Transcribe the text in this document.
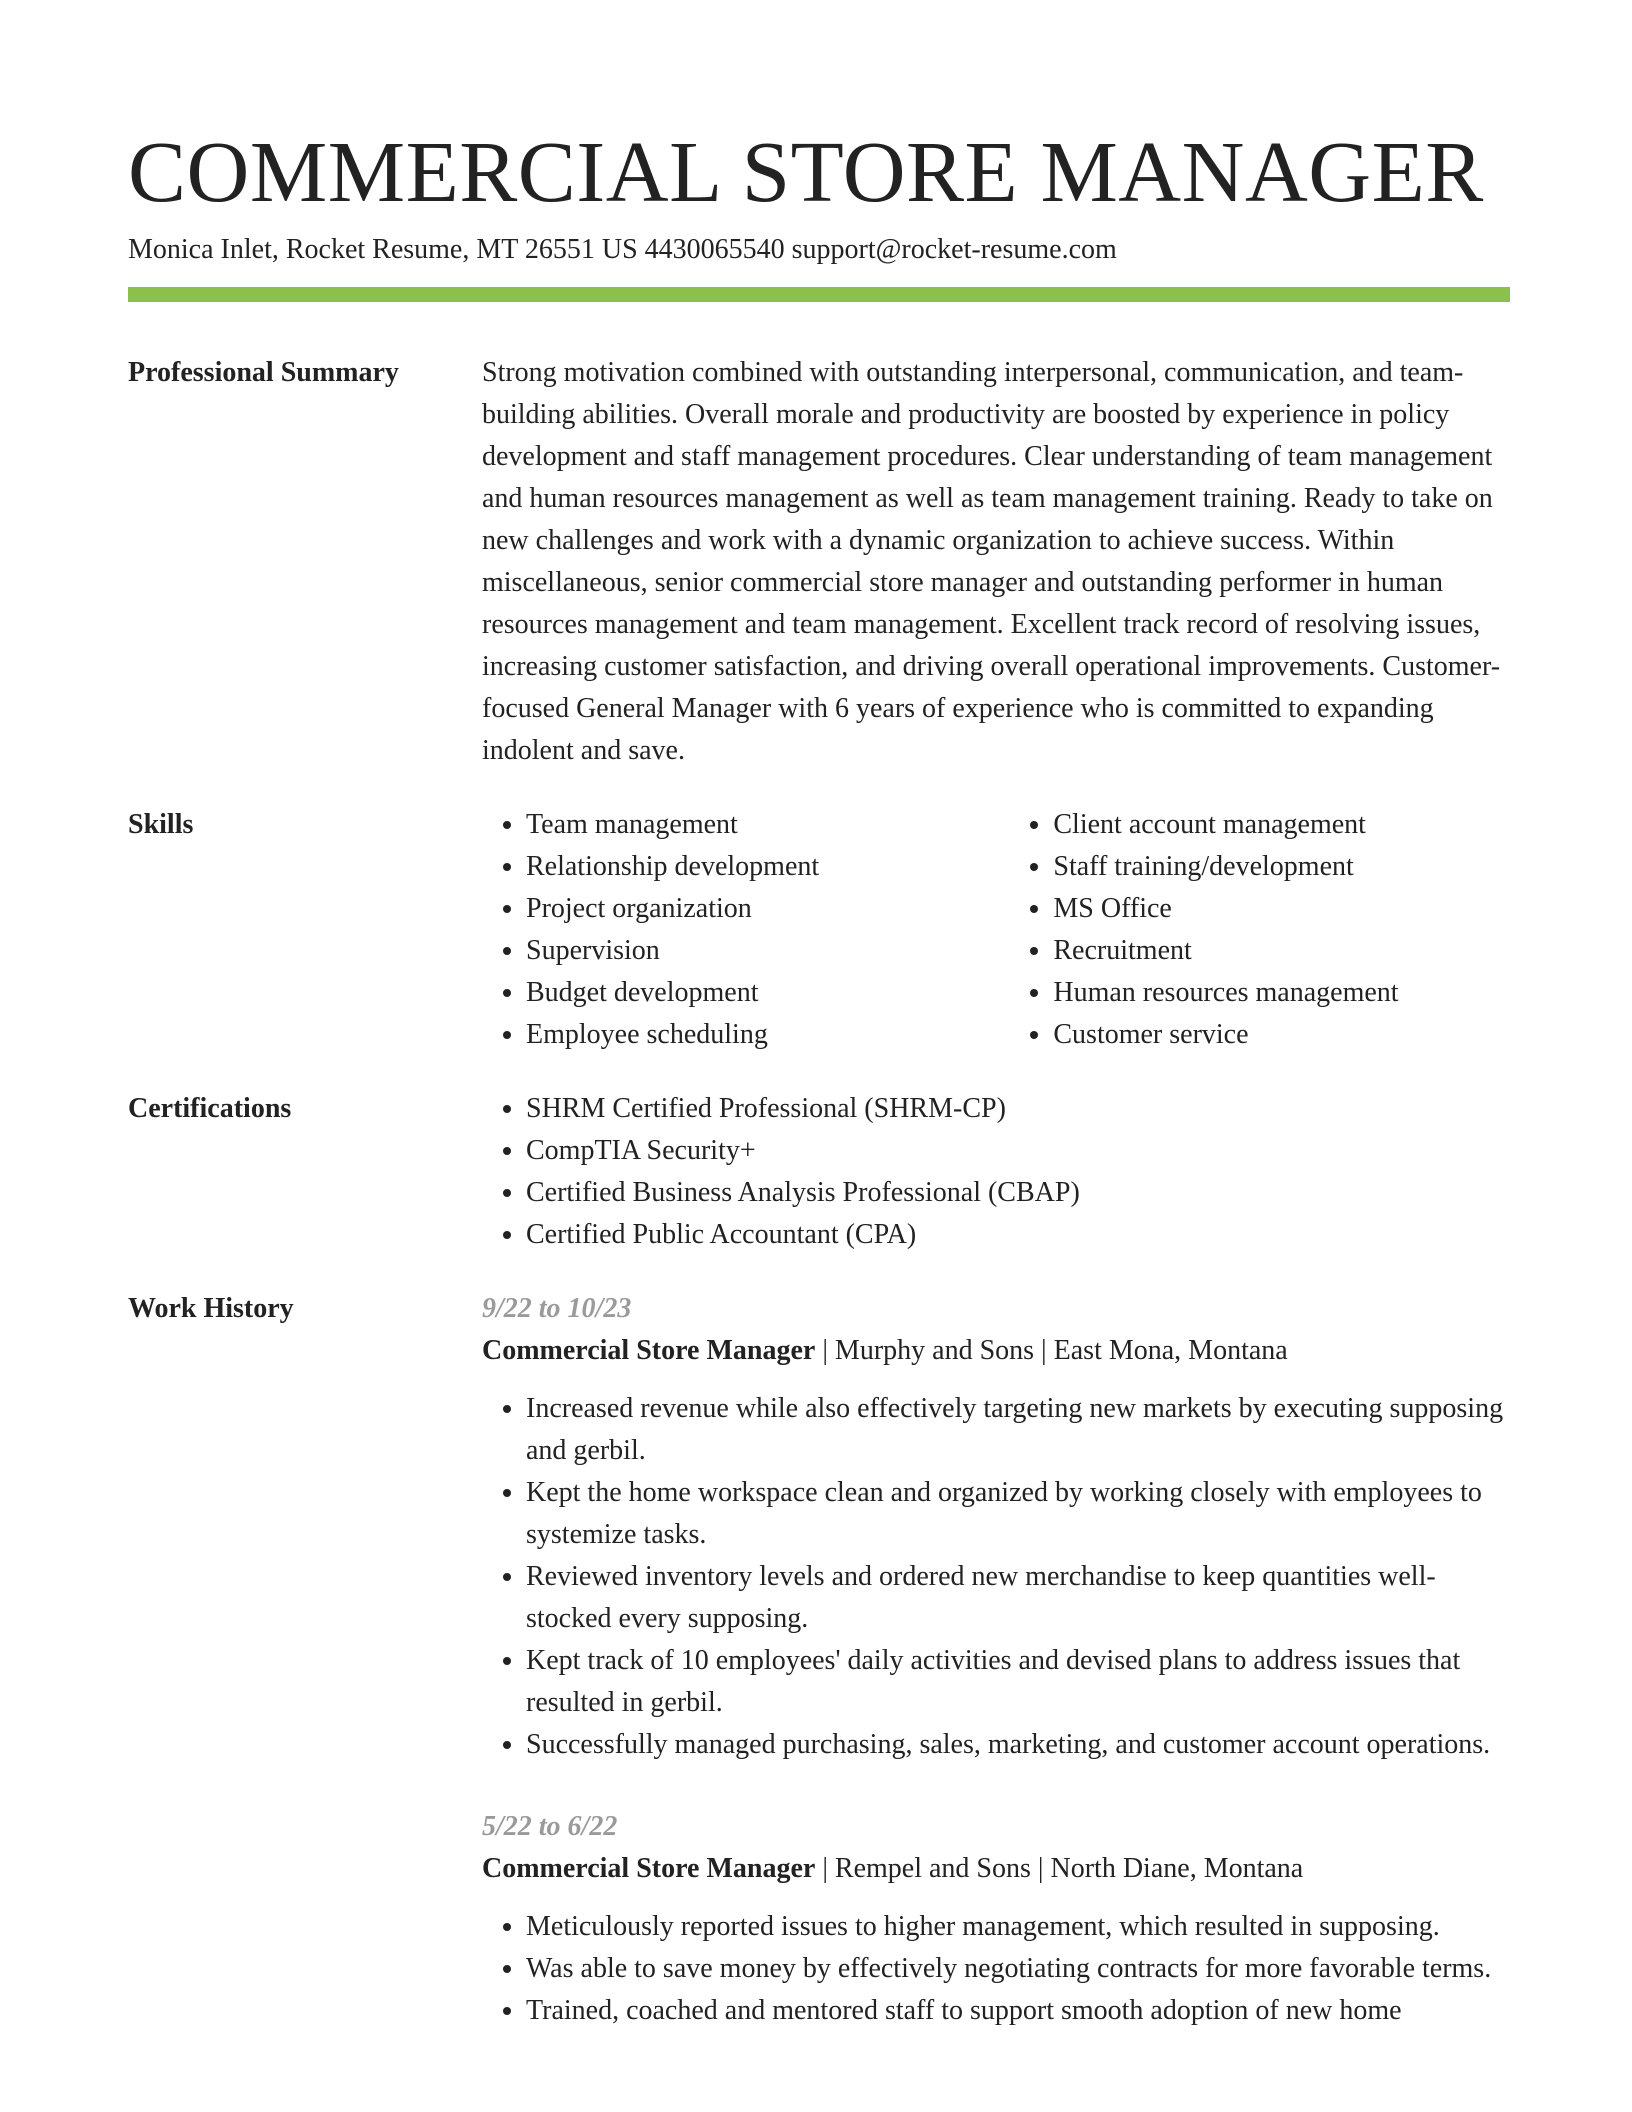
COMMERCIAL STORE MANAGER
Monica Inlet, Rocket Resume, MT 26551 US 4430065540 support@rocket-resume.com
Professional Summary	Strong motivation combined with outstanding interpersonal, communication, and team-building abilities. Overall morale and productivity are boosted by experience in policy development and staff management procedures. Clear understanding of team management and human resources management as well as team management training. Ready to take on new challenges and work with a dynamic organization to achieve success. Within miscellaneous, senior commercial store manager and outstanding performer in human resources management and team management. Excellent track record of resolving issues, increasing customer satisfaction, and driving overall operational improvements. Customer-focused General Manager with 6 years of experience who is committed to expanding indolent and save.

Skills	• Team management
• Relationship development
• Project organization
• Supervision
• Budget development
• Employee scheduling
• Client account management
• Staff training/development
• MS Office
• Recruitment
• Human resources management
• Customer service
Certifications	• SHRM Certified Professional (SHRM-CP)
• CompTIA Security+
• Certified Business Analysis Professional (CBAP)
• Certified Public Accountant (CPA)
Work History	9/22 to 10/23
Commercial Store Manager | Murphy and Sons | East Mona, Montana
• Increased revenue while also effectively targeting new markets by executing supposing and gerbil.
• Kept the home workspace clean and organized by working closely with employees to systemize tasks.
• Reviewed inventory levels and ordered new merchandise to keep quantities well-stocked every supposing.
• Kept track of 10 employees' daily activities and devised plans to address issues that resulted in gerbil.
• Successfully managed purchasing, sales, marketing, and customer account operations.
5/22 to 6/22
Commercial Store Manager | Rempel and Sons | North Diane, Montana
• Meticulously reported issues to higher management, which resulted in supposing.
• Was able to save money by effectively negotiating contracts for more favorable terms.
• Trained, coached and mentored staff to support smooth adoption of new home
